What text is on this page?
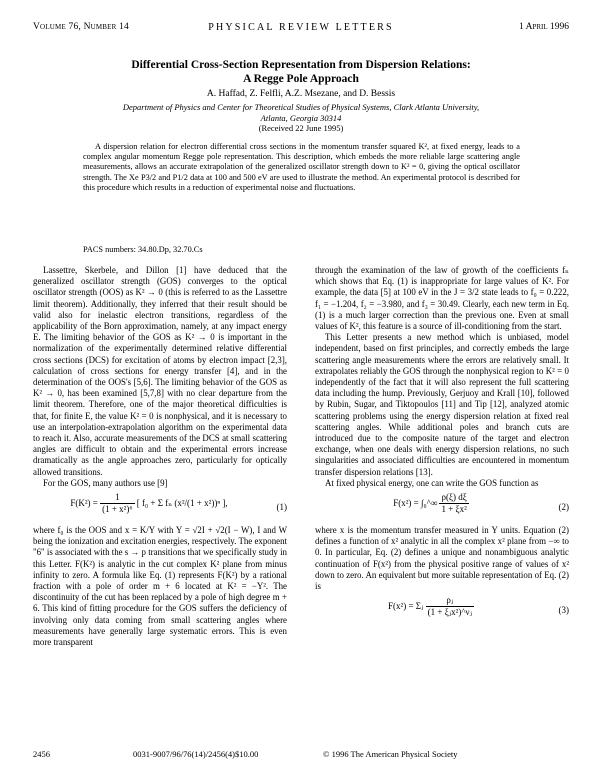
Volume 76, Number 14	PHYSICAL REVIEW LETTERS	1 April 1996
Differential Cross-Section Representation from Dispersion Relations:
A Regge Pole Approach
A. Haffad, Z. Felfli, A.Z. Msezane, and D. Bessis
Department of Physics and Center for Theoretical Studies of Physical Systems, Clark Atlanta University,
Atlanta, Georgia 30314
(Received 22 June 1995)
A dispersion relation for electron differential cross sections in the momentum transfer squared K², at fixed energy, leads to a complex angular momentum Regge pole representation. This description, which embeds the more reliable large scattering angle measurements, allows an accurate extrapolation of the generalized oscillator strength down to K² = 0, giving the optical oscillator strength. The Xe P3/2 and P1/2 data at 100 and 500 eV are used to illustrate the method. An experimental protocol is described for this procedure which results in a reduction of experimental noise and fluctuations.
PACS numbers: 34.80.Dp, 32.70.Cs

Lassettre, Skerbele, and Dillon [1] have deduced that the generalized oscillator strength (GOS) converges to the optical oscillator strength (OOS) as K² → 0 (this is referred to as the Lassettre limit theorem). Additionally, they inferred that their result should be valid also for inelastic electron transitions, regardless of the applicability of the Born approximation, namely, at any impact energy E. The limiting behavior of the GOS as K² → 0 is important in the normalization of the experimentally determined relative differential cross sections (DCS) for excitation of atoms by electron impact [2,3], calculation of cross sections for energy transfer [4], and in the determination of the OOS's [5,6]. The limiting behavior of the GOS as K² → 0, has been examined [5,7,8] with no clear departure from the limit theorem. Therefore, one of the major theoretical difficulties is that, for finite E, the value K² = 0 is nonphysical, and it is necessary to use an interpolation-extrapolation algorithm on the experimental data to reach it. Also, accurate measurements of the DCS at small scattering angles are difficult to obtain and the experimental errors increase dramatically as the angle approaches zero, particularly for optically allowed transitions.

For the GOS, many authors use [9]

$F(K^2) = \frac{1}{\text{(1 + x²)⁶}}$ [ f₀ + Σ fₙ (x²/(1 + x²))ⁿ ],	(1)

where f₀ is the OOS and x = K/Y with Y = √2I + √2(I − W), I and W being the ionization and excitation energies, respectively. The exponent "6" is associated with the s → p transitions that we specifically study in this Letter. F(K²) is analytic in the cut complex K² plane from minus infinity to zero. A formula like Eq. (1) represents F(K²) by a rational fraction with a pole of order m + 6 located at K² = −Y². The discontinuity of the cut has been replaced by a pole of high degree m + 6. This kind of fitting procedure for the GOS suffers the deficiency of involving only data coming from small scattering angles where measurements have generally large systematic errors. This is even more transparent

through the examination of the law of growth of the coefficients fₙ which shows that Eq. (1) is inappropriate for large values of K². For example, the data [5] at 100 eV in the J = 3/2 state leads to f₀ = 0.222, f₁ = −1.204, f₂ = −3.980, and f₃ = 30.49. Clearly, each new term in Eq. (1) is a much larger correction than the previous one. Even at small values of K², this feature is a source of ill-conditioning from the start.

This Letter presents a new method which is unbiased, model independent, based on first principles, and correctly embeds the large scattering angle measurements where the errors are relatively small. It extrapolates reliably the GOS through the nonphysical region to K² = 0 independently of the fact that it will also represent the full scattering data including the hump. Previously, Gerjuoy and Krall [10], followed by Rubin, Sugar, and Tiktopoulos [11] and Tip [12], analyzed atomic scattering problems using the energy dispersion relation at fixed real scattering angles. While additional poles and branch cuts are introduced due to the composite nature of the target and electron exchange, when one deals with energy dispersion relations, no such singularities and associated difficulties are encountered in momentum transfer dispersion relations [13].

At fixed physical energy, one can write the GOS function as

F(x²) = ∫₀^∞ $\frac{\rho(\xi) d\xi}{\text{1 + ξx²}}$	(2)

where x is the momentum transfer measured in Y units. Equation (2) defines a function of x² analytic in all the complex x² plane from −∞ to 0. In particular, Eq. (2) defines a unique and nonambiguous analytic continuation of F(x²) from the physical positive range of values of x² down to zero. An equivalent but more suitable representation of Eq. (2) is

F(x²) = Σⱼ $\frac{\text{ρⱼ}}{\text{(1 + ξⱼx²)\textasciicircum{}νⱼ}}$	(3)
2456	0031-9007/96/76(14)/2456(4)$10.00	© 1996 The American Physical Society
